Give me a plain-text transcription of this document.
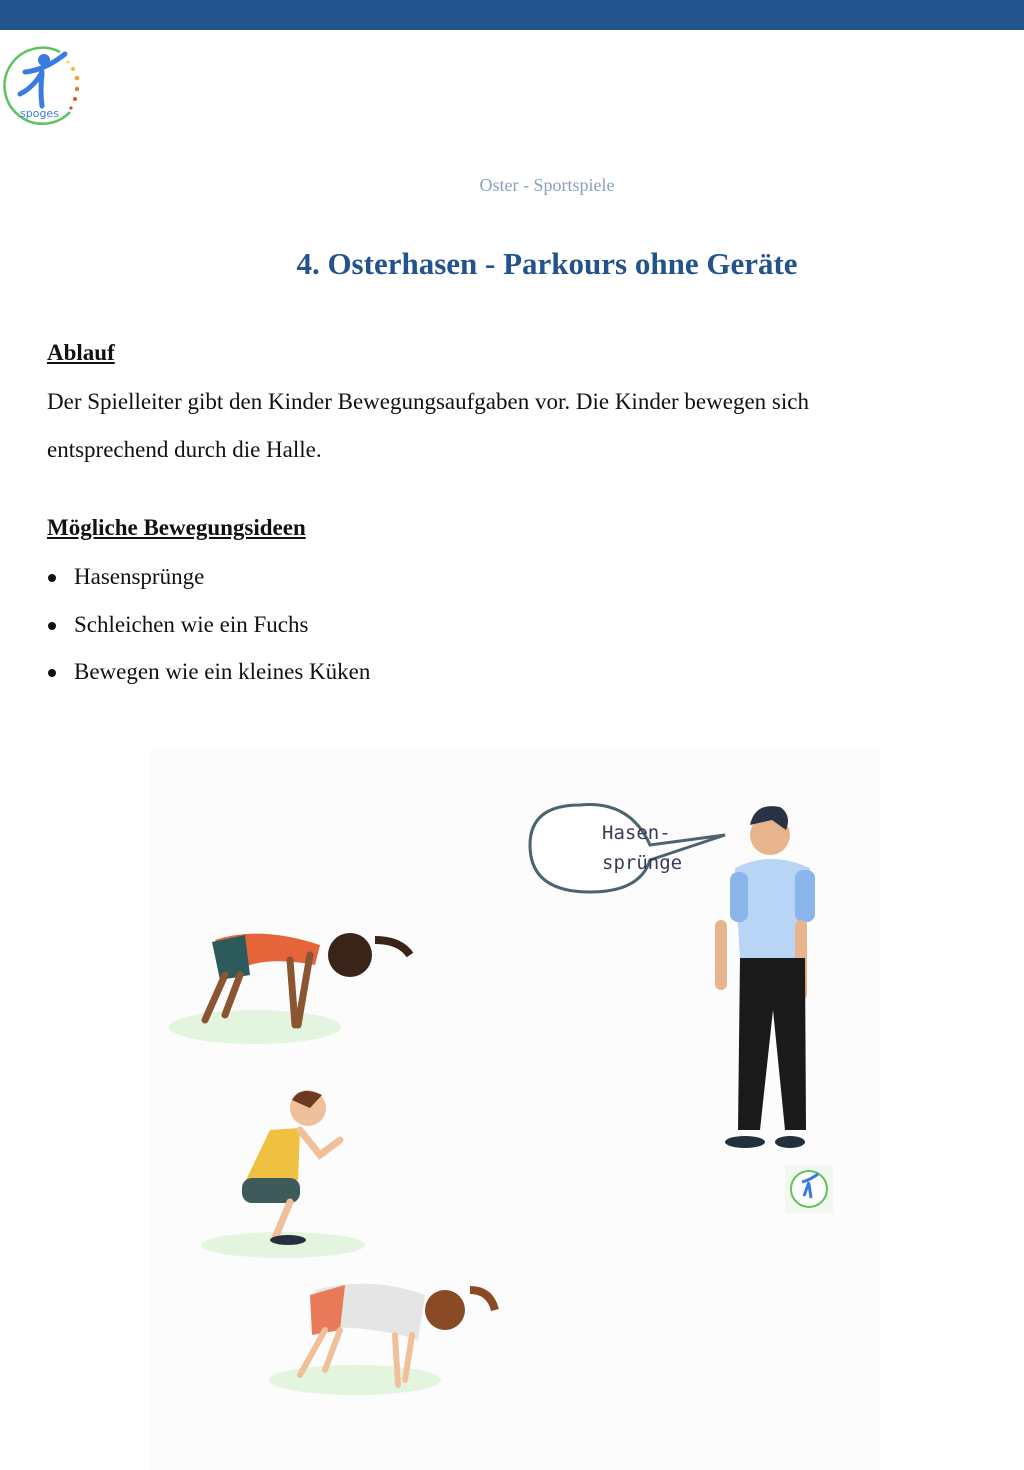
spoges
Oster - Sportspiele
4. Osterhasen - Parkours ohne Geräte
Ablauf
Der Spielleiter gibt den Kinder Bewegungsaufgaben vor. Die Kinder bewegen sich entsprechend durch die Halle.
Mögliche Bewegungsideen
Hasensprünge
Schleichen wie ein Fuchs
Bewegen wie ein kleines Küken
Hasen-
sprünge
